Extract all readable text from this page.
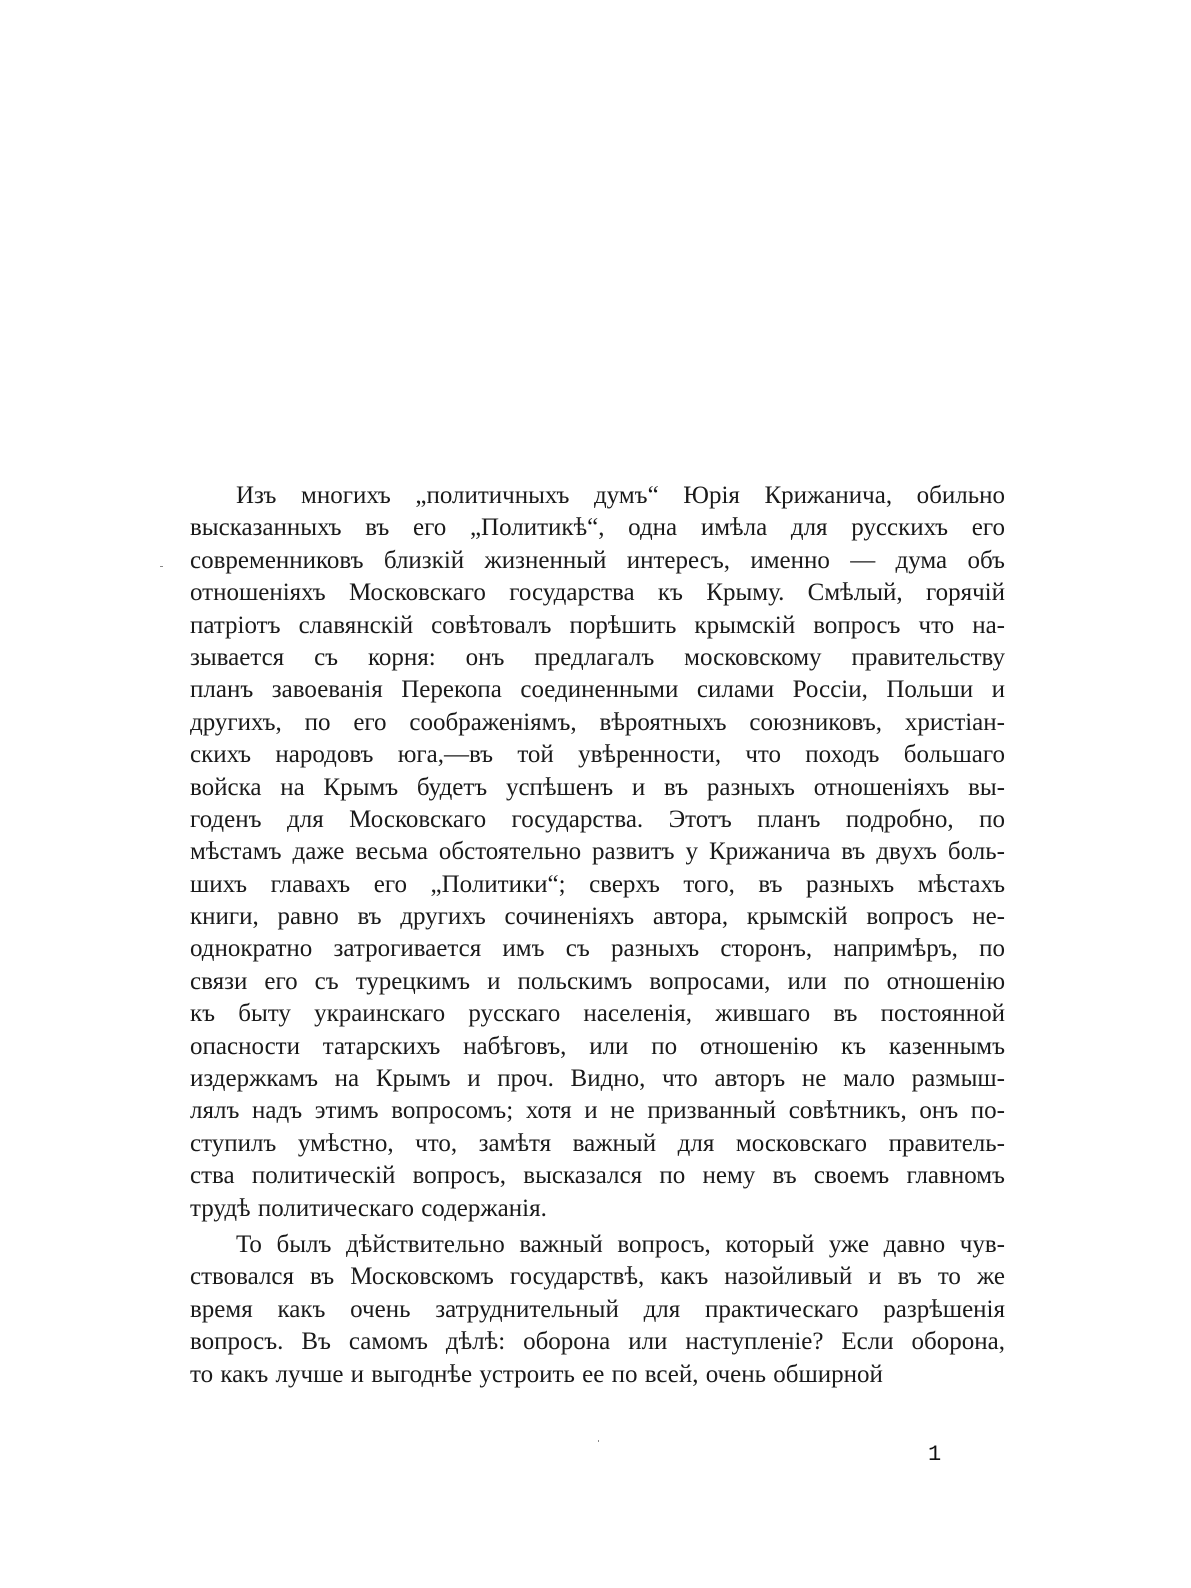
Изъ многихъ „политичныхъ думъ“ Юрія Крижанича, обильно
высказанныхъ въ его „Политикѣ“, одна имѣла для русскихъ его
современниковъ близкій жизненный интересъ, именно — дума объ
отношеніяхъ Московскаго государства къ Крыму. Смѣлый, горячій
патріотъ славянскій совѣтовалъ порѣшить крымскій вопросъ что на-
зывается съ корня: онъ предлагалъ московскому правительству
планъ завоеванія Перекопа соединенными силами Россіи, Польши и
другихъ, по его соображеніямъ, вѣроятныхъ союзниковъ, христіан-
скихъ народовъ юга,—въ той увѣренности, что походъ большаго
войска на Крымъ будетъ успѣшенъ и въ разныхъ отношеніяхъ вы-
годенъ для Московскаго государства. Этотъ планъ подробно, по
мѣстамъ даже весьма обстоятельно развитъ у Крижанича въ двухъ боль-
шихъ главахъ его „Политики“; сверхъ того, въ разныхъ мѣстахъ
книги, равно въ другихъ сочиненіяхъ автора, крымскій вопросъ не-
однократно затрогивается имъ съ разныхъ сторонъ, напримѣръ, по
связи его съ турецкимъ и польскимъ вопросами, или по отношенію
къ быту украинскаго русскаго населенія, жившаго въ постоянной
опасности татарскихъ набѣговъ, или по отношенію къ казеннымъ
издержкамъ на Крымъ и проч. Видно, что авторъ не мало размыш-
лялъ надъ этимъ вопросомъ; хотя и не призванный совѣтникъ, онъ по-
ступилъ умѣстно, что, замѣтя важный для московскаго правитель-
ства политическій вопросъ, высказался по нему въ своемъ главномъ
трудѣ политическаго содержанія.
То былъ дѣйствительно важный вопросъ, который уже давно чув-
ствовался въ Московскомъ государствѣ, какъ назойливый и въ то же
время какъ очень затруднительный для практическаго разрѣшенія
вопросъ. Въ самомъ дѣлѣ: оборона или наступленіе? Если оборона,
то какъ лучше и выгоднѣе устроить ее по всей, очень обширной
1
